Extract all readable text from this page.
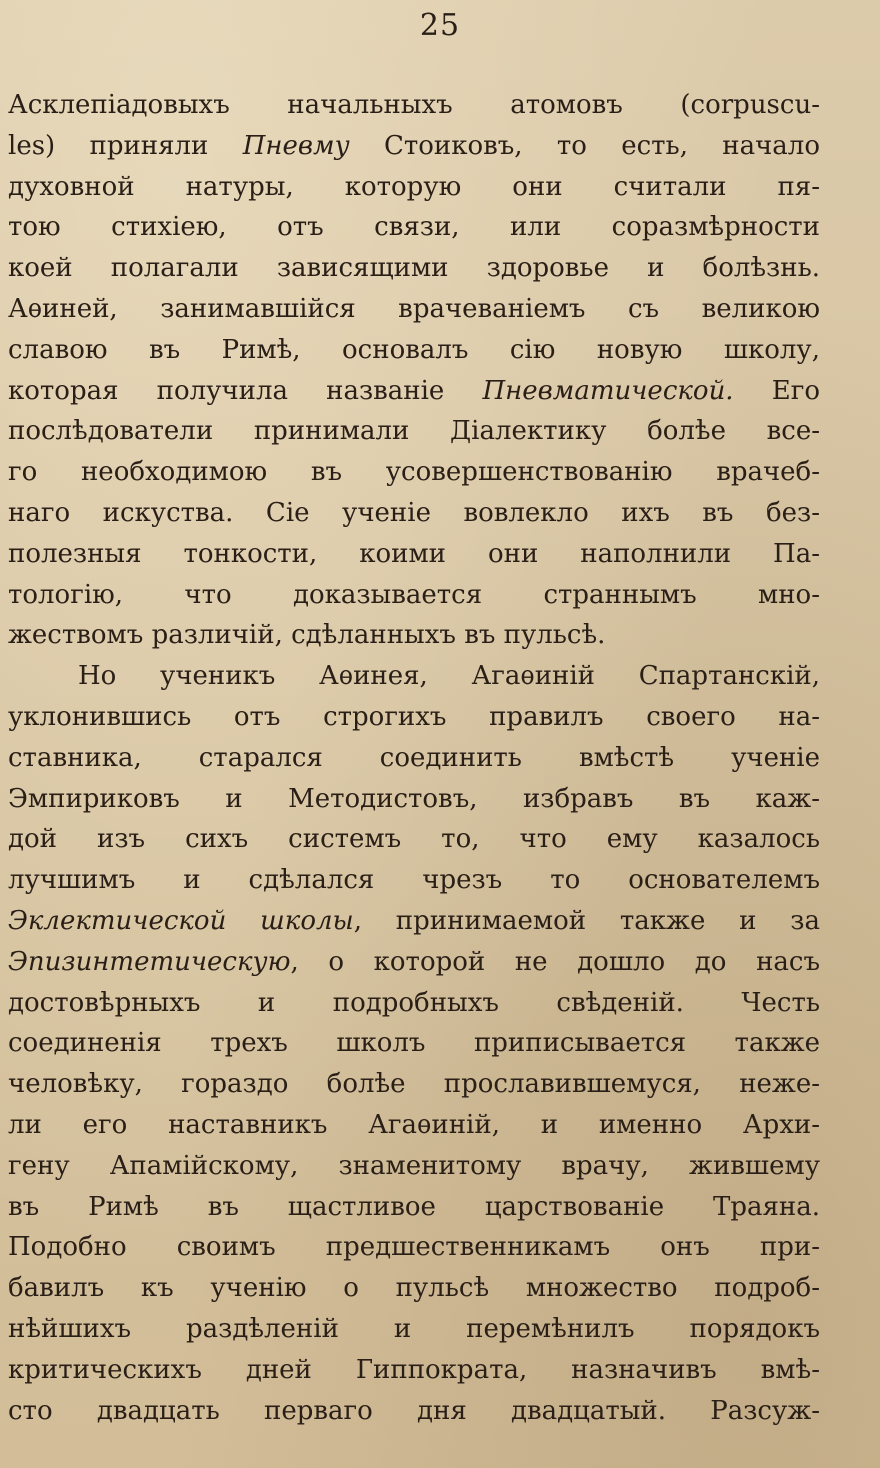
25
Асклепiадовыхъ начальныхъ атомовъ (corpuscu-
les) приняли Пневму Стоиковъ, то есть, начало
духовной натуры, которую они считали пя-
тою стихiею, отъ связи, или соразмѣрности
коей полагали зависящими здоровье и болѣзнь.
Аѳиней, занимавшiйся врачеванiемъ съ великою
славою въ Римѣ, основалъ сiю новую школу,
которая получила названiе Пневматической. Его
послѣдователи принимали Дiалектику болѣе все-
го необходимою въ усовершенствованiю врачеб-
наго искуства. Сiе ученiе вовлекло ихъ въ без-
полезныя тонкости, коими они наполнили Па-
тологiю, что доказывается страннымъ мно-
жествомъ различiй, сдѣланныхъ въ пульсѣ.
Но ученикъ Аѳинея, Агаѳинiй Спартанскiй,
уклонившись отъ строгихъ правилъ своего на-
ставника, старался соединить вмѣстѣ ученiе
Эмпириковъ и Методистовъ, избравъ въ каж-
дой изъ сихъ системъ то, что ему казалось
лучшимъ и сдѣлался чрезъ то основателемъ
Эклектической школы, принимаемой также и за
Эпизинтетическую, о которой не дошло до насъ
достовѣрныхъ и подробныхъ свѣденiй. Честь
соединенiя трехъ школъ приписывается также
человѣку, гораздо болѣе прославившемуся, неже-
ли его наставникъ Агаѳинiй, и именно Архи-
гену Апамiйскому, знаменитому врачу, жившему
въ Римѣ въ щастливое царствованiе Траяна.
Подобно своимъ предшественникамъ онъ при-
бавилъ къ ученiю о пульсѣ множество подроб-
нѣйшихъ раздѣленiй и перемѣнилъ порядокъ
критическихъ дней Гиппократа, назначивъ вмѣ-
сто двадцать перваго дня двадцатый. Разсуж-
